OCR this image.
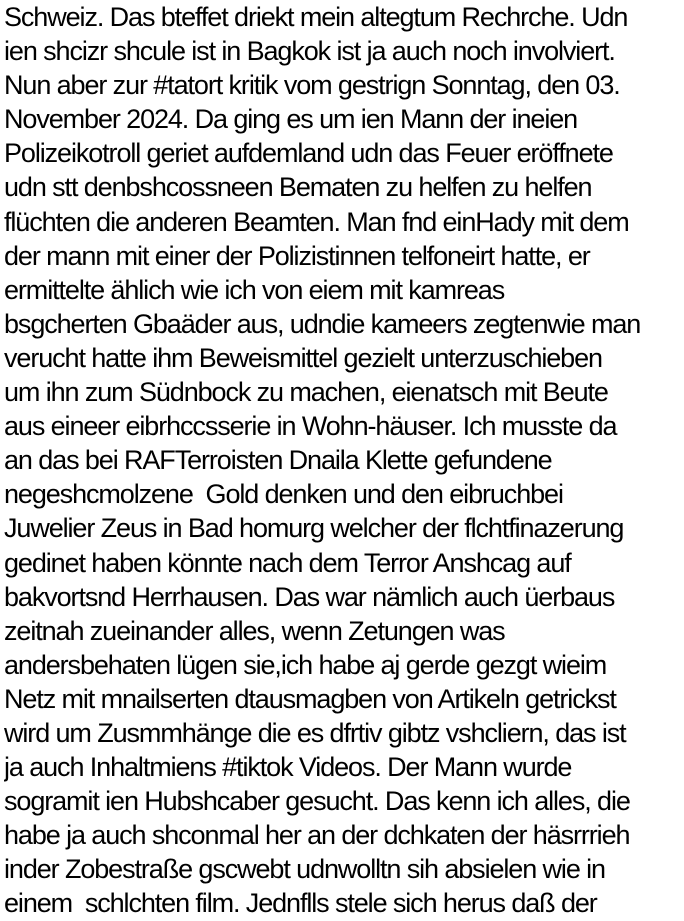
Schweiz. Das bteffet driekt mein altegtum Rechrche. Udn
ien shcizr shcule ist in Bagkok ist ja auch noch involviert.
Nun aber zur #tatort kritik vom gestrign Sonntag, den 03.
November 2024. Da ging es um ien Mann der ineien
Polizeikotroll geriet aufdemland udn das Feuer eröffnete
udn stt denbshcossneen Bematen zu helfen zu helfen
flüchten die anderen Beamten. Man fnd einHady mit dem
der mann mit einer der Polizistinnen telfoneirt hatte, er
ermittelte ählich wie ich von eiem mit kamreas
bsgcherten Gbaäder aus, udndie kameers zegtenwie man
verucht hatte ihm Beweismittel gezielt unterzuschieben
um ihn zum Südnbock zu machen, eienatsch mit Beute
aus eineer eibrhccsserie in Wohn-häuser. Ich musste da
an das bei RAFTerroisten Dnaila Klette gefundene
negeshcmolzene  Gold denken und den eibruchbei
Juwelier Zeus in Bad homurg welcher der flchtfinazerung
gedinet haben könnte nach dem Terror Anshcag auf
bakvortsnd Herrhausen. Das war nämlich auch üerbaus
zeitnah zueinander alles, wenn Zetungen was
andersbehaten lügen sie,ich habe aj gerde gezgt wieim
Netz mit mnailserten dtausmagben von Artikeln getrickst
wird um Zusmmhänge die es dfrtiv gibtz vshcliern, das ist
ja auch Inhaltmiens #tiktok Videos. Der Mann wurde
sogramit ien Hubshcaber gesucht. Das kenn ich alles, die
habe ja auch shconmal her an der dchkaten der häsrrrieh
inder Zobestraße gscwebt udnwolltn sih absielen wie in
einem  schlchten film. Jednflls stele sich herus daß der
